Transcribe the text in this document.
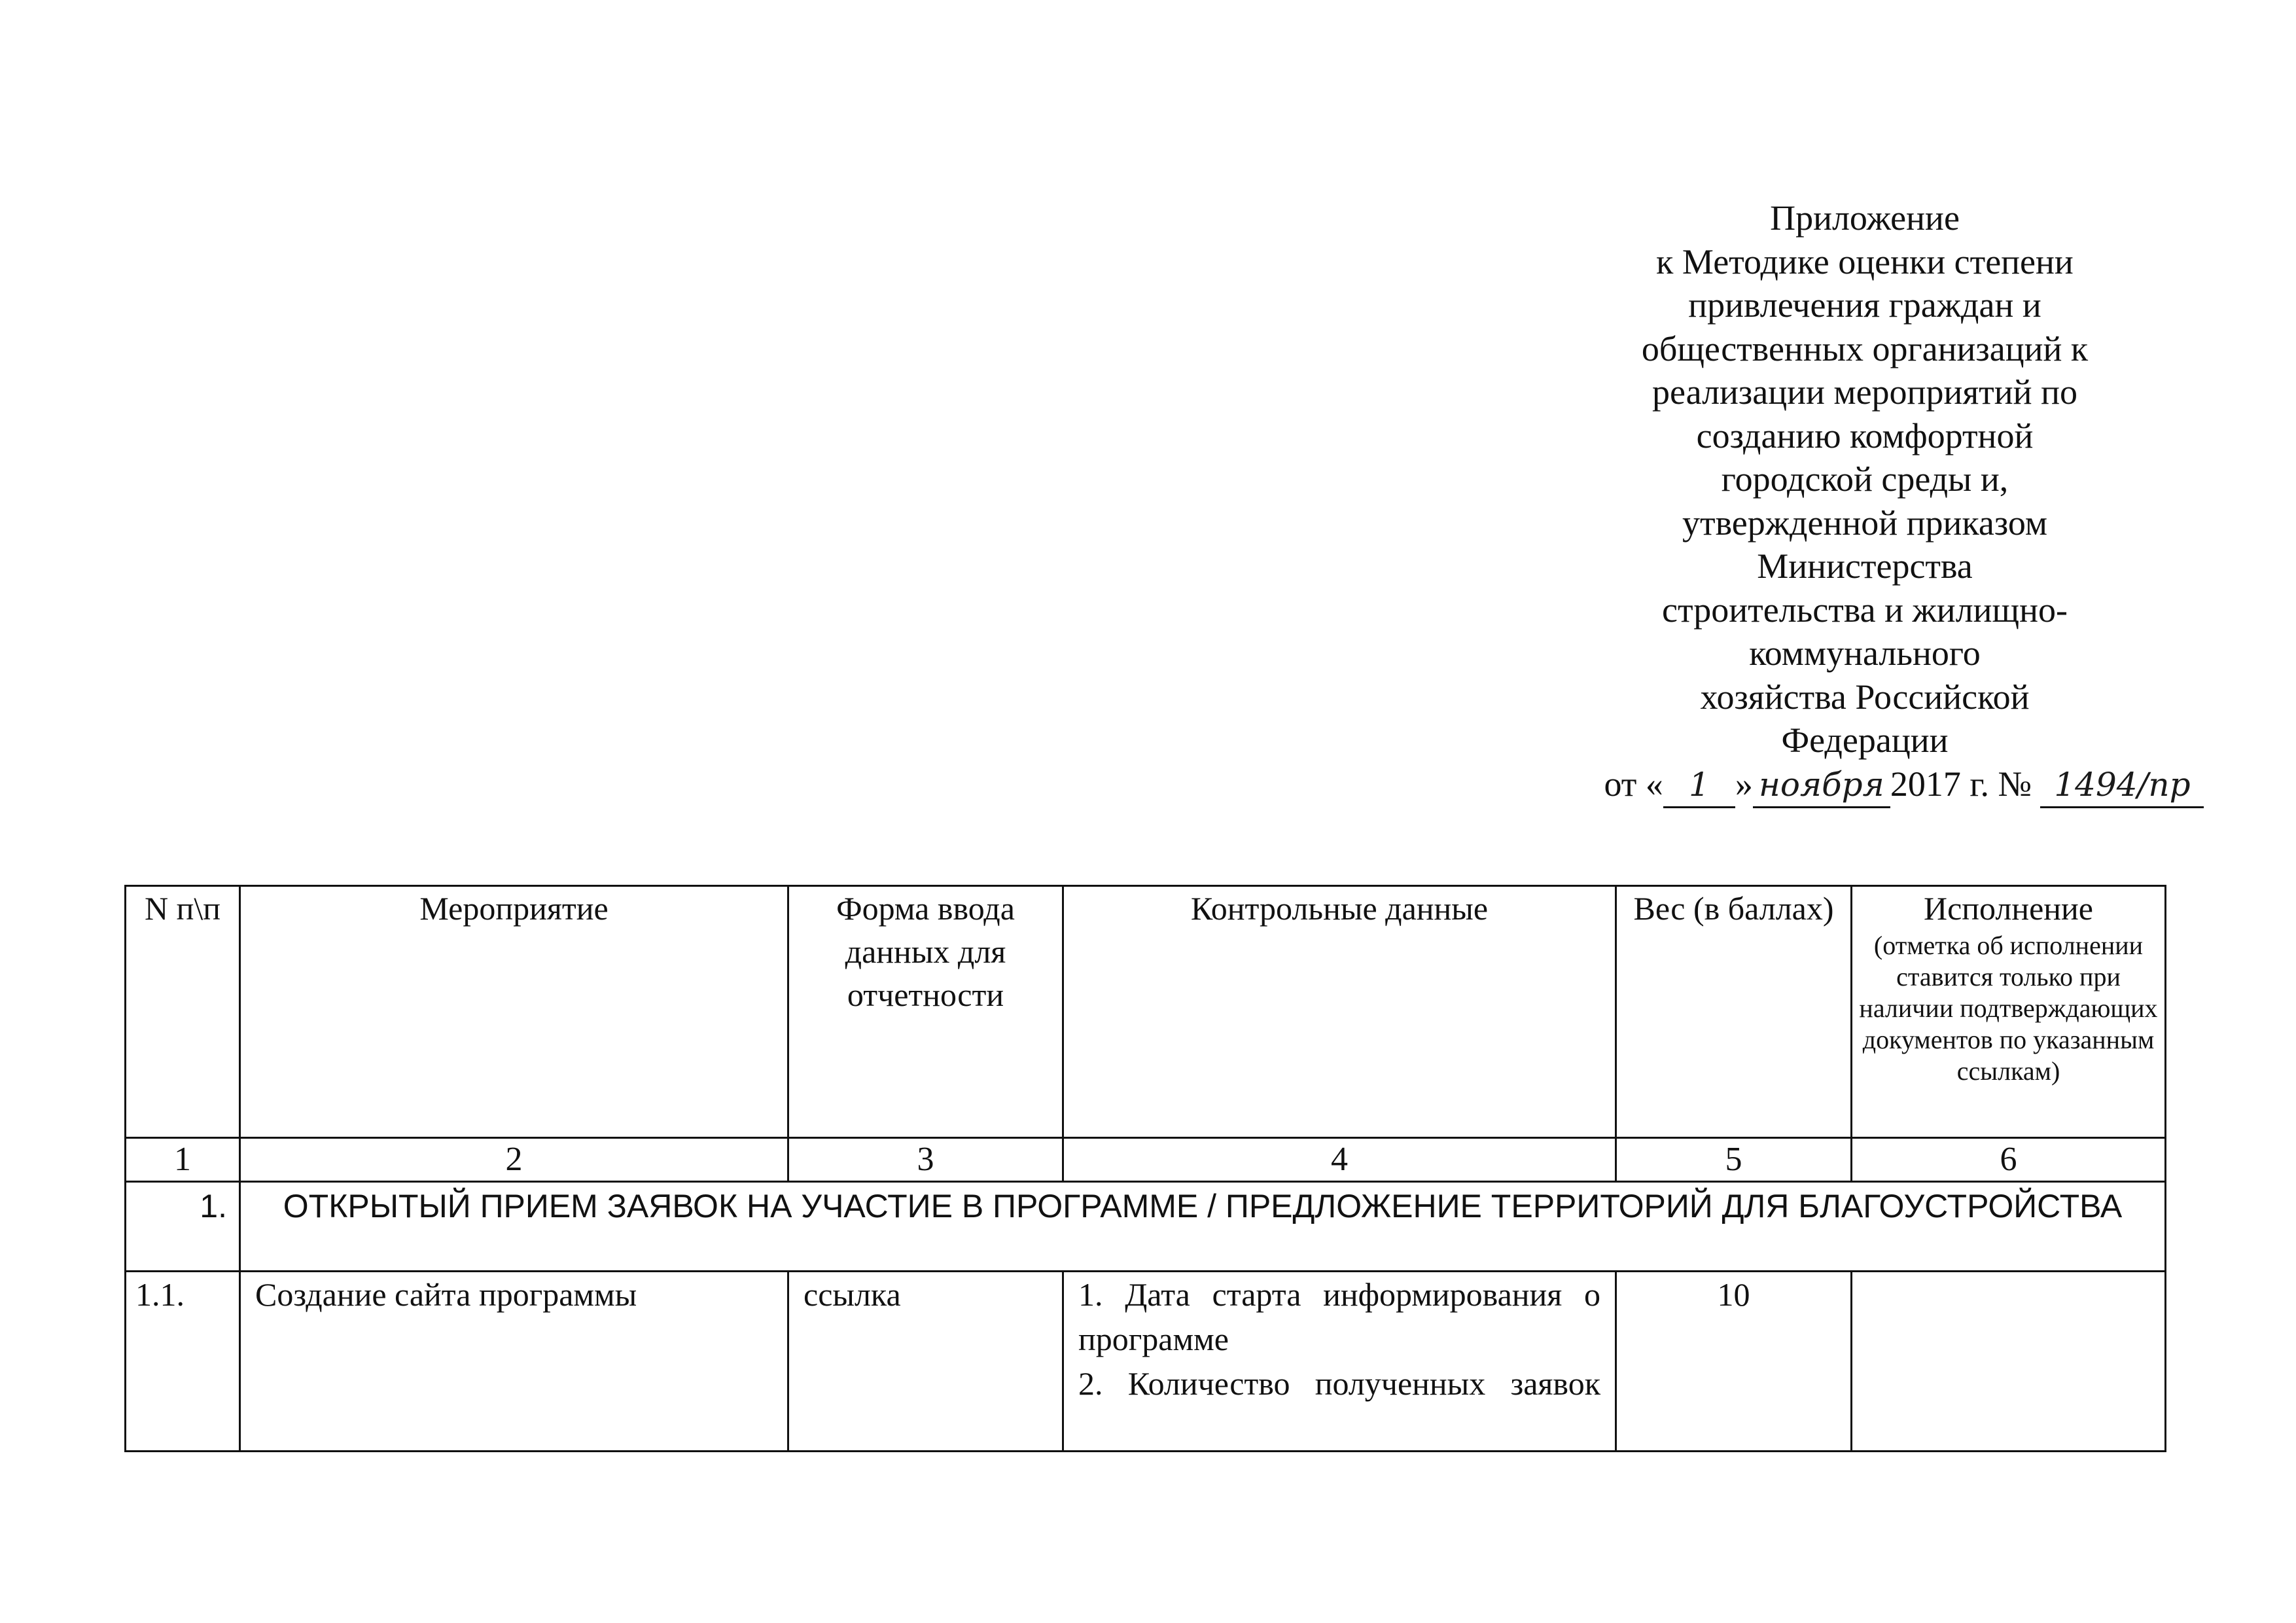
Приложение
к Методике оценки степени
привлечения граждан и
общественных организаций к
реализации мероприятий по
созданию комфортной
городской среды и,
утвержденной приказом
Министерства
строительства и жилищно-
коммунального
хозяйства Российской
Федерации
от « 1 » ноября 2017 г. № 1494/пр
N п\п	Мероприятие	Форма ввода данных для отчетности	Контрольные данные	Вес (в баллах)	Исполнение
(отметка об исполнении ставится только при наличии подтверждающих документов по указанным ссылкам)

1	2	3	4	5	6
1.	ОТКРЫТЫЙ ПРИЕМ ЗАЯВОК НА УЧАСТИЕ В ПРОГРАММЕ / ПРЕДЛОЖЕНИЕ ТЕРРИТОРИЙ ДЛЯ БЛАГОУСТРОЙСТВА				
1.1.	Создание сайта программы	ссылка	1. Дата старта информирования о программе
2. Количество полученных заявок	10	
